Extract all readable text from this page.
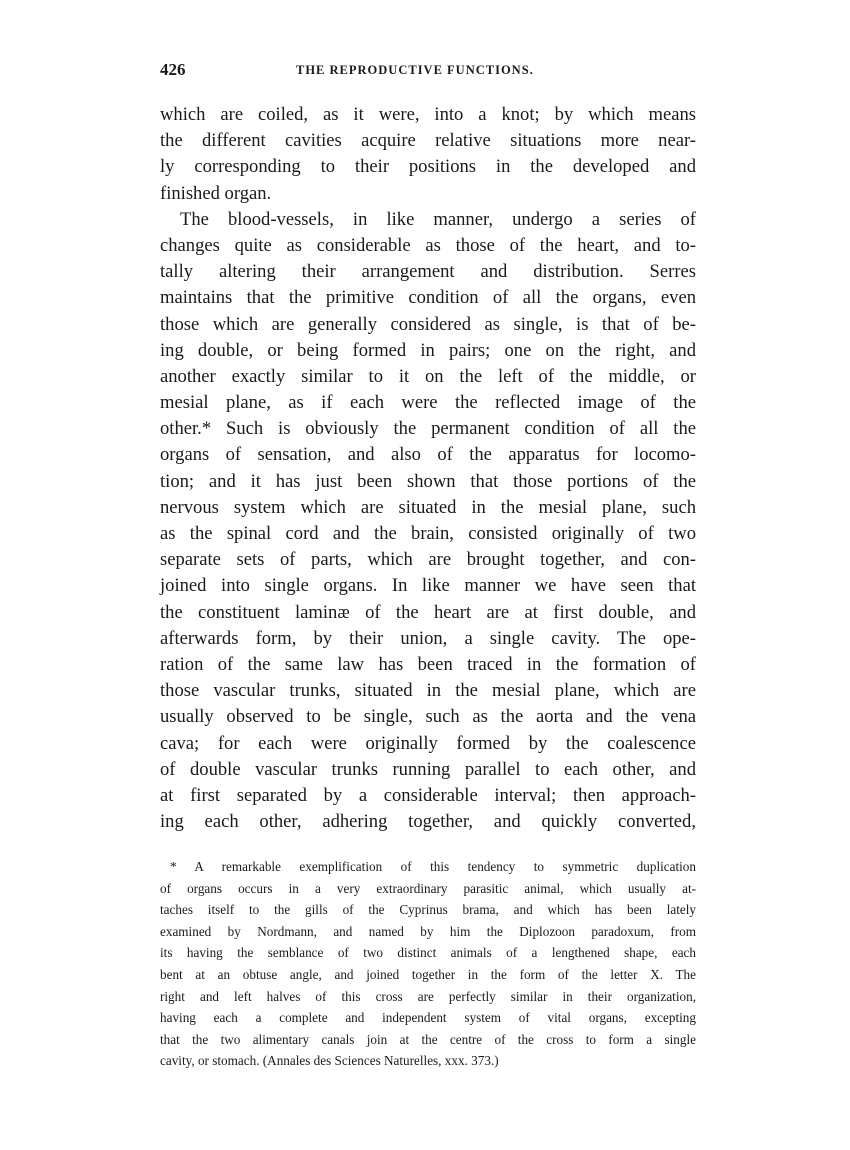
426	THE REPRODUCTIVE FUNCTIONS.
which are coiled, as it were, into a knot; by which means
the different cavities acquire relative situations more near-
ly corresponding to their positions in the developed and
finished organ.
The blood-vessels, in like manner, undergo a series of
changes quite as considerable as those of the heart, and to-
tally altering their arrangement and distribution. Serres
maintains that the primitive condition of all the organs, even
those which are generally considered as single, is that of be-
ing double, or being formed in pairs; one on the right, and
another exactly similar to it on the left of the middle, or
mesial plane, as if each were the reflected image of the
other.* Such is obviously the permanent condition of all the
organs of sensation, and also of the apparatus for locomo-
tion; and it has just been shown that those portions of the
nervous system which are situated in the mesial plane, such
as the spinal cord and the brain, consisted originally of two
separate sets of parts, which are brought together, and con-
joined into single organs. In like manner we have seen that
the constituent laminæ of the heart are at first double, and
afterwards form, by their union, a single cavity. The ope-
ration of the same law has been traced in the formation of
those vascular trunks, situated in the mesial plane, which are
usually observed to be single, such as the aorta and the vena
cava; for each were originally formed by the coalescence
of double vascular trunks running parallel to each other, and
at first separated by a considerable interval; then approach-
ing each other, adhering together, and quickly converted,
* A remarkable exemplification of this tendency to symmetric duplication
of organs occurs in a very extraordinary parasitic animal, which usually at-
taches itself to the gills of the Cyprinus brama, and which has been lately
examined by Nordmann, and named by him the Diplozoon paradoxum, from
its having the semblance of two distinct animals of a lengthened shape, each
bent at an obtuse angle, and joined together in the form of the letter X. The
right and left halves of this cross are perfectly similar in their organization,
having each a complete and independent system of vital organs, excepting
that the two alimentary canals join at the centre of the cross to form a single
cavity, or stomach. (Annales des Sciences Naturelles, xxx. 373.)
